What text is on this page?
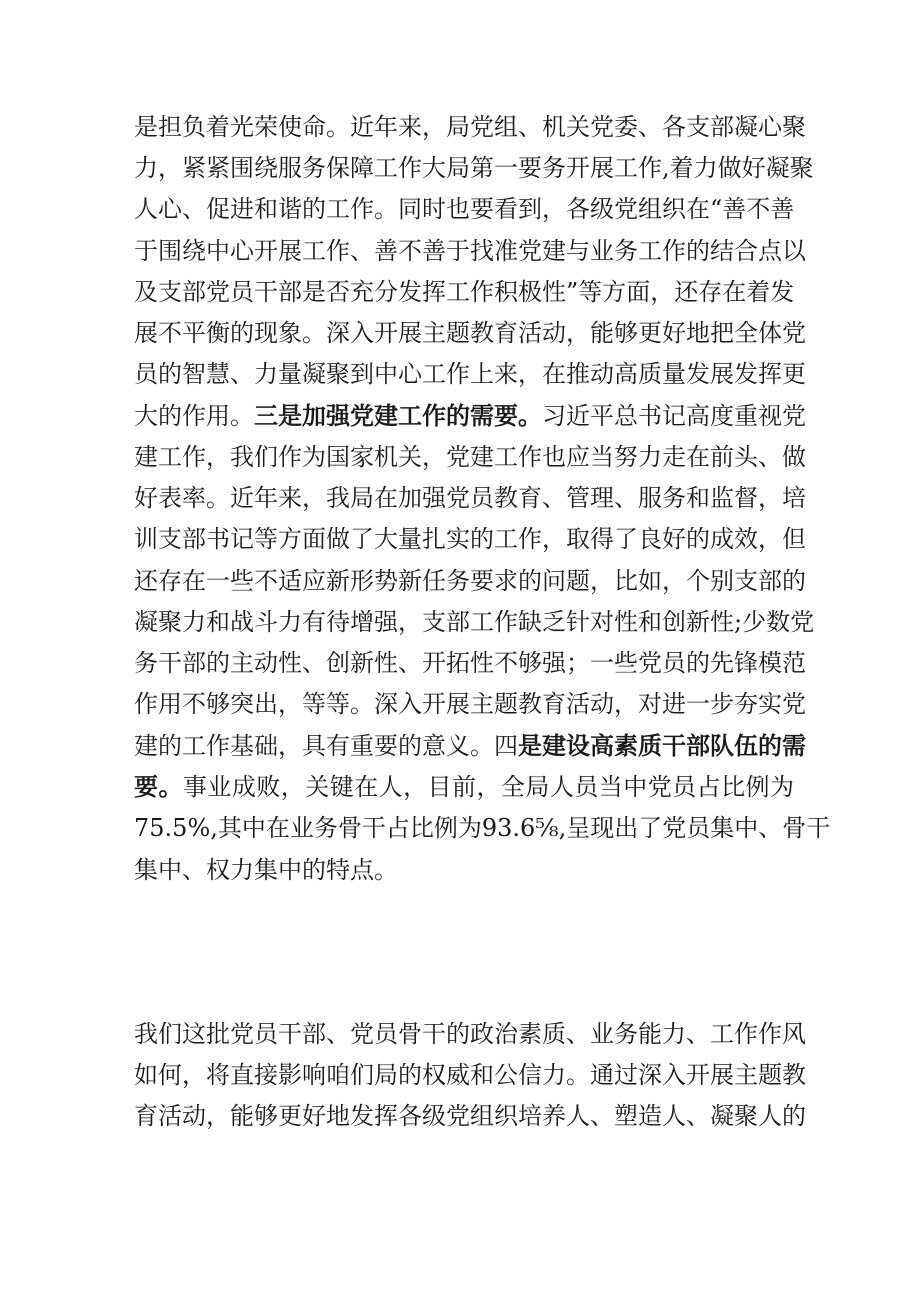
是担负着光荣使命。近年来，局党组、机关党委、各支部凝心聚
力，紧紧围绕服务保障工作大局第一要务开展工作,着力做好凝聚
人心、促进和谐的工作。同时也要看到，各级党组织在“善不善
于围绕中心开展工作、善不善于找准党建与业务工作的结合点以
及支部党员干部是否充分发挥工作积极性”等方面，还存在着发
展不平衡的现象。深入开展主题教育活动，能够更好地把全体党
员的智慧、力量凝聚到中心工作上来，在推动高质量发展发挥更
大的作用。三是加强党建工作的需要。习近平总书记高度重视党
建工作，我们作为国家机关，党建工作也应当努力走在前头、做
好表率。近年来，我局在加强党员教育、管理、服务和监督，培
训支部书记等方面做了大量扎实的工作，取得了良好的成效，但
还存在一些不适应新形势新任务要求的问题，比如，个别支部的
凝聚力和战斗力有待增强，支部工作缺乏针对性和创新性;少数党
务干部的主动性、创新性、开拓性不够强；一些党员的先锋模范
作用不够突出，等等。深入开展主题教育活动，对进一步夯实党
建的工作基础，具有重要的意义。四是建设高素质干部队伍的需
要。事业成败，关键在人，目前，全局人员当中党员占比例为
75.5%,其中在业务骨干占比例为93.6⅝,呈现出了党员集中、骨干
集中、权力集中的特点。
我们这批党员干部、党员骨干的政治素质、业务能力、工作作风
如何，将直接影响咱们局的权威和公信力。通过深入开展主题教
育活动，能够更好地发挥各级党组织培养人、塑造人、凝聚人的
